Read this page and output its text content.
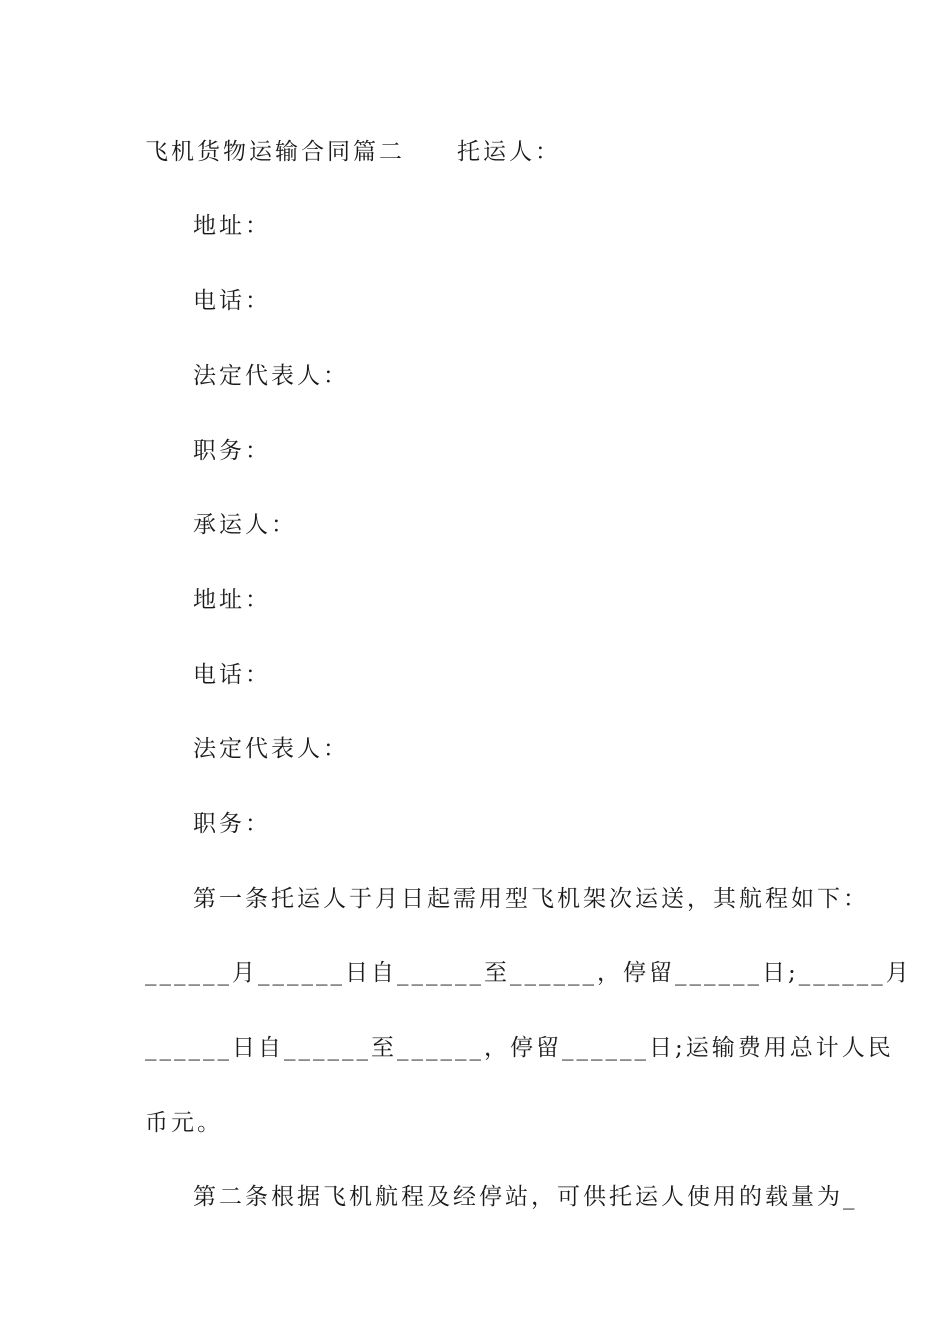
飞机货物运输合同篇二　　托运人：
地址：
电话：
法定代表人：
职务：
承运人：
地址：
电话：
法定代表人：
职务：
第一条托运人于月日起需用型飞机架次运送，其航程如下：
______月______日自______至______，停留______日;______月
______日自______至______，停留______日;运输费用总计人民
币元。
第二条根据飞机航程及经停站，可供托运人使用的载量为_
